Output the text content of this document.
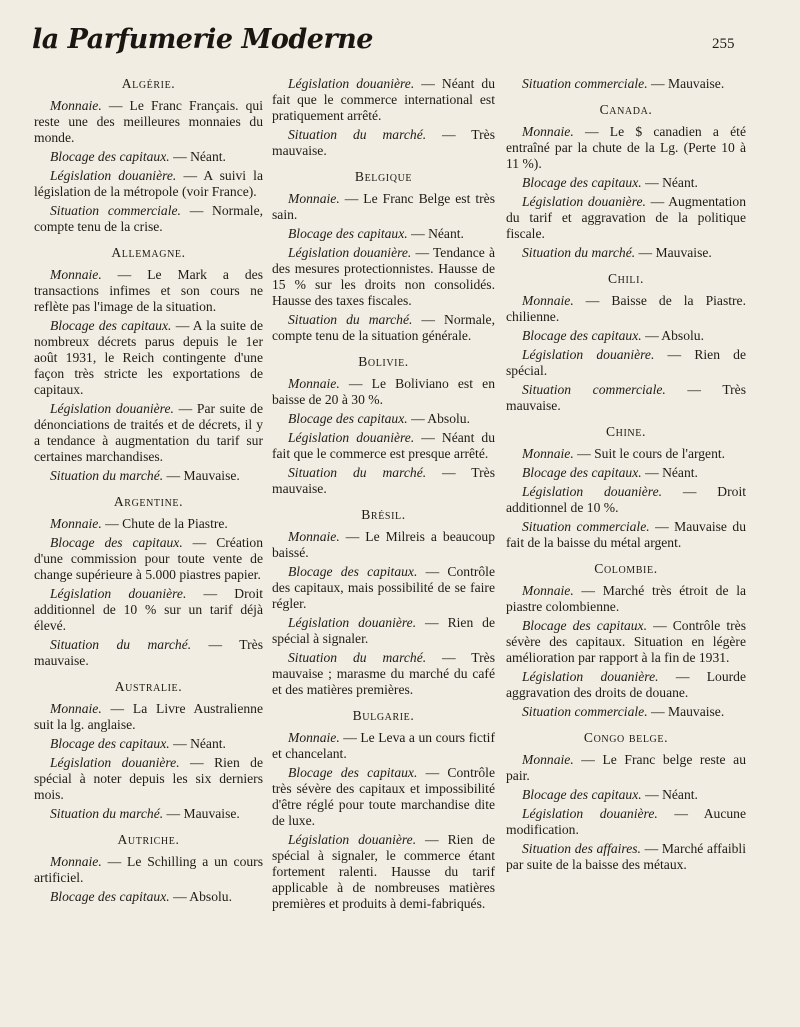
la Parfumerie Moderne	255
Algérie.
Monnaie. — Le Franc Français. qui reste une des meilleures monnaies du monde.
Blocage des capitaux. — Néant.
Législation douanière. — A suivi la législation de la métropole (voir France).
Situation commerciale. — Normale, compte tenu de la crise.
Allemagne.
Monnaie. — Le Mark a des transactions infimes et son cours ne reflète pas l'image de la situation.
Blocage des capitaux. — A la suite de nombreux décrets parus depuis le 1er août 1931, le Reich contingente d'une façon très stricte les exportations de capitaux.
Législation douanière. — Par suite de dénonciations de traités et de décrets, il y a tendance à augmentation du tarif sur certaines marchandises.
Situation du marché. — Mauvaise.
Argentine.
Monnaie. — Chute de la Piastre.
Blocage des capitaux. — Création d'une commission pour toute vente de change supérieure à 5.000 piastres papier.
Législation douanière. — Droit additionnel de 10 % sur un tarif déjà élevé.
Situation du marché. — Très mauvaise.
Australie.
Monnaie. — La Livre Australienne suit la lg. anglaise.
Blocage des capitaux. — Néant.
Législation douanière. — Rien de spécial à noter depuis les six derniers mois.
Situation du marché. — Mauvaise.
Autriche.
Monnaie. — Le Schilling a un cours artificiel.
Blocage des capitaux. — Absolu.
Législation douanière. — Néant du fait que le commerce international est pratiquement arrêté.
Situation du marché. — Très mauvaise.
Belgique
Monnaie. — Le Franc Belge est très sain.
Blocage des capitaux. — Néant.
Législation douanière. — Tendance à des mesures protectionnistes. Hausse de 15 % sur les droits non consolidés. Hausse des taxes fiscales.
Situation du marché. — Normale, compte tenu de la situation générale.
Bolivie.
Monnaie. — Le Boliviano est en baisse de 20 à 30 %.
Blocage des capitaux. — Absolu.
Législation douanière. — Néant du fait que le commerce est presque arrêté.
Situation du marché. — Très mauvaise.
Brésil.
Monnaie. — Le Milreis a beaucoup baissé.
Blocage des capitaux. — Contrôle des capitaux, mais possibilité de se faire régler.
Législation douanière. — Rien de spécial à signaler.
Situation du marché. — Très mauvaise ; marasme du marché du café et des matières premières.
Bulgarie.
Monnaie. — Le Leva a un cours fictif et chancelant.
Blocage des capitaux. — Contrôle très sévère des capitaux et impossibilité d'être réglé pour toute marchandise dite de luxe.
Législation douanière. — Rien de spécial à signaler, le commerce étant fortement ralenti. Hausse du tarif applicable à de nombreuses matières premières et produits à demi-fabriqués.
Situation commerciale. — Mauvaise.
Canada.
Monnaie. — Le $ canadien a été entraîné par la chute de la Lg. (Perte 10 à 11 %).
Blocage des capitaux. — Néant.
Législation douanière. — Augmentation du tarif et aggravation de la politique fiscale.
Situation du marché. — Mauvaise.
Chili.
Monnaie. — Baisse de la Piastre. chilienne.
Blocage des capitaux. — Absolu.
Législation douanière. — Rien de spécial.
Situation commerciale. — Très mauvaise.
Chine.
Monnaie. — Suit le cours de l'argent.
Blocage des capitaux. — Néant.
Législation douanière. — Droit additionnel de 10 %.
Situation commerciale. — Mauvaise du fait de la baisse du métal argent.
Colombie.
Monnaie. — Marché très étroit de la piastre colombienne.
Blocage des capitaux. — Contrôle très sévère des capitaux. Situation en légère amélioration par rapport à la fin de 1931.
Législation douanière. — Lourde aggravation des droits de douane.
Situation commerciale. — Mauvaise.
Congo belge.
Monnaie. — Le Franc belge reste au pair.
Blocage des capitaux. — Néant.
Législation douanière. — Aucune modification.
Situation des affaires. — Marché affaibli par suite de la baisse des métaux.
